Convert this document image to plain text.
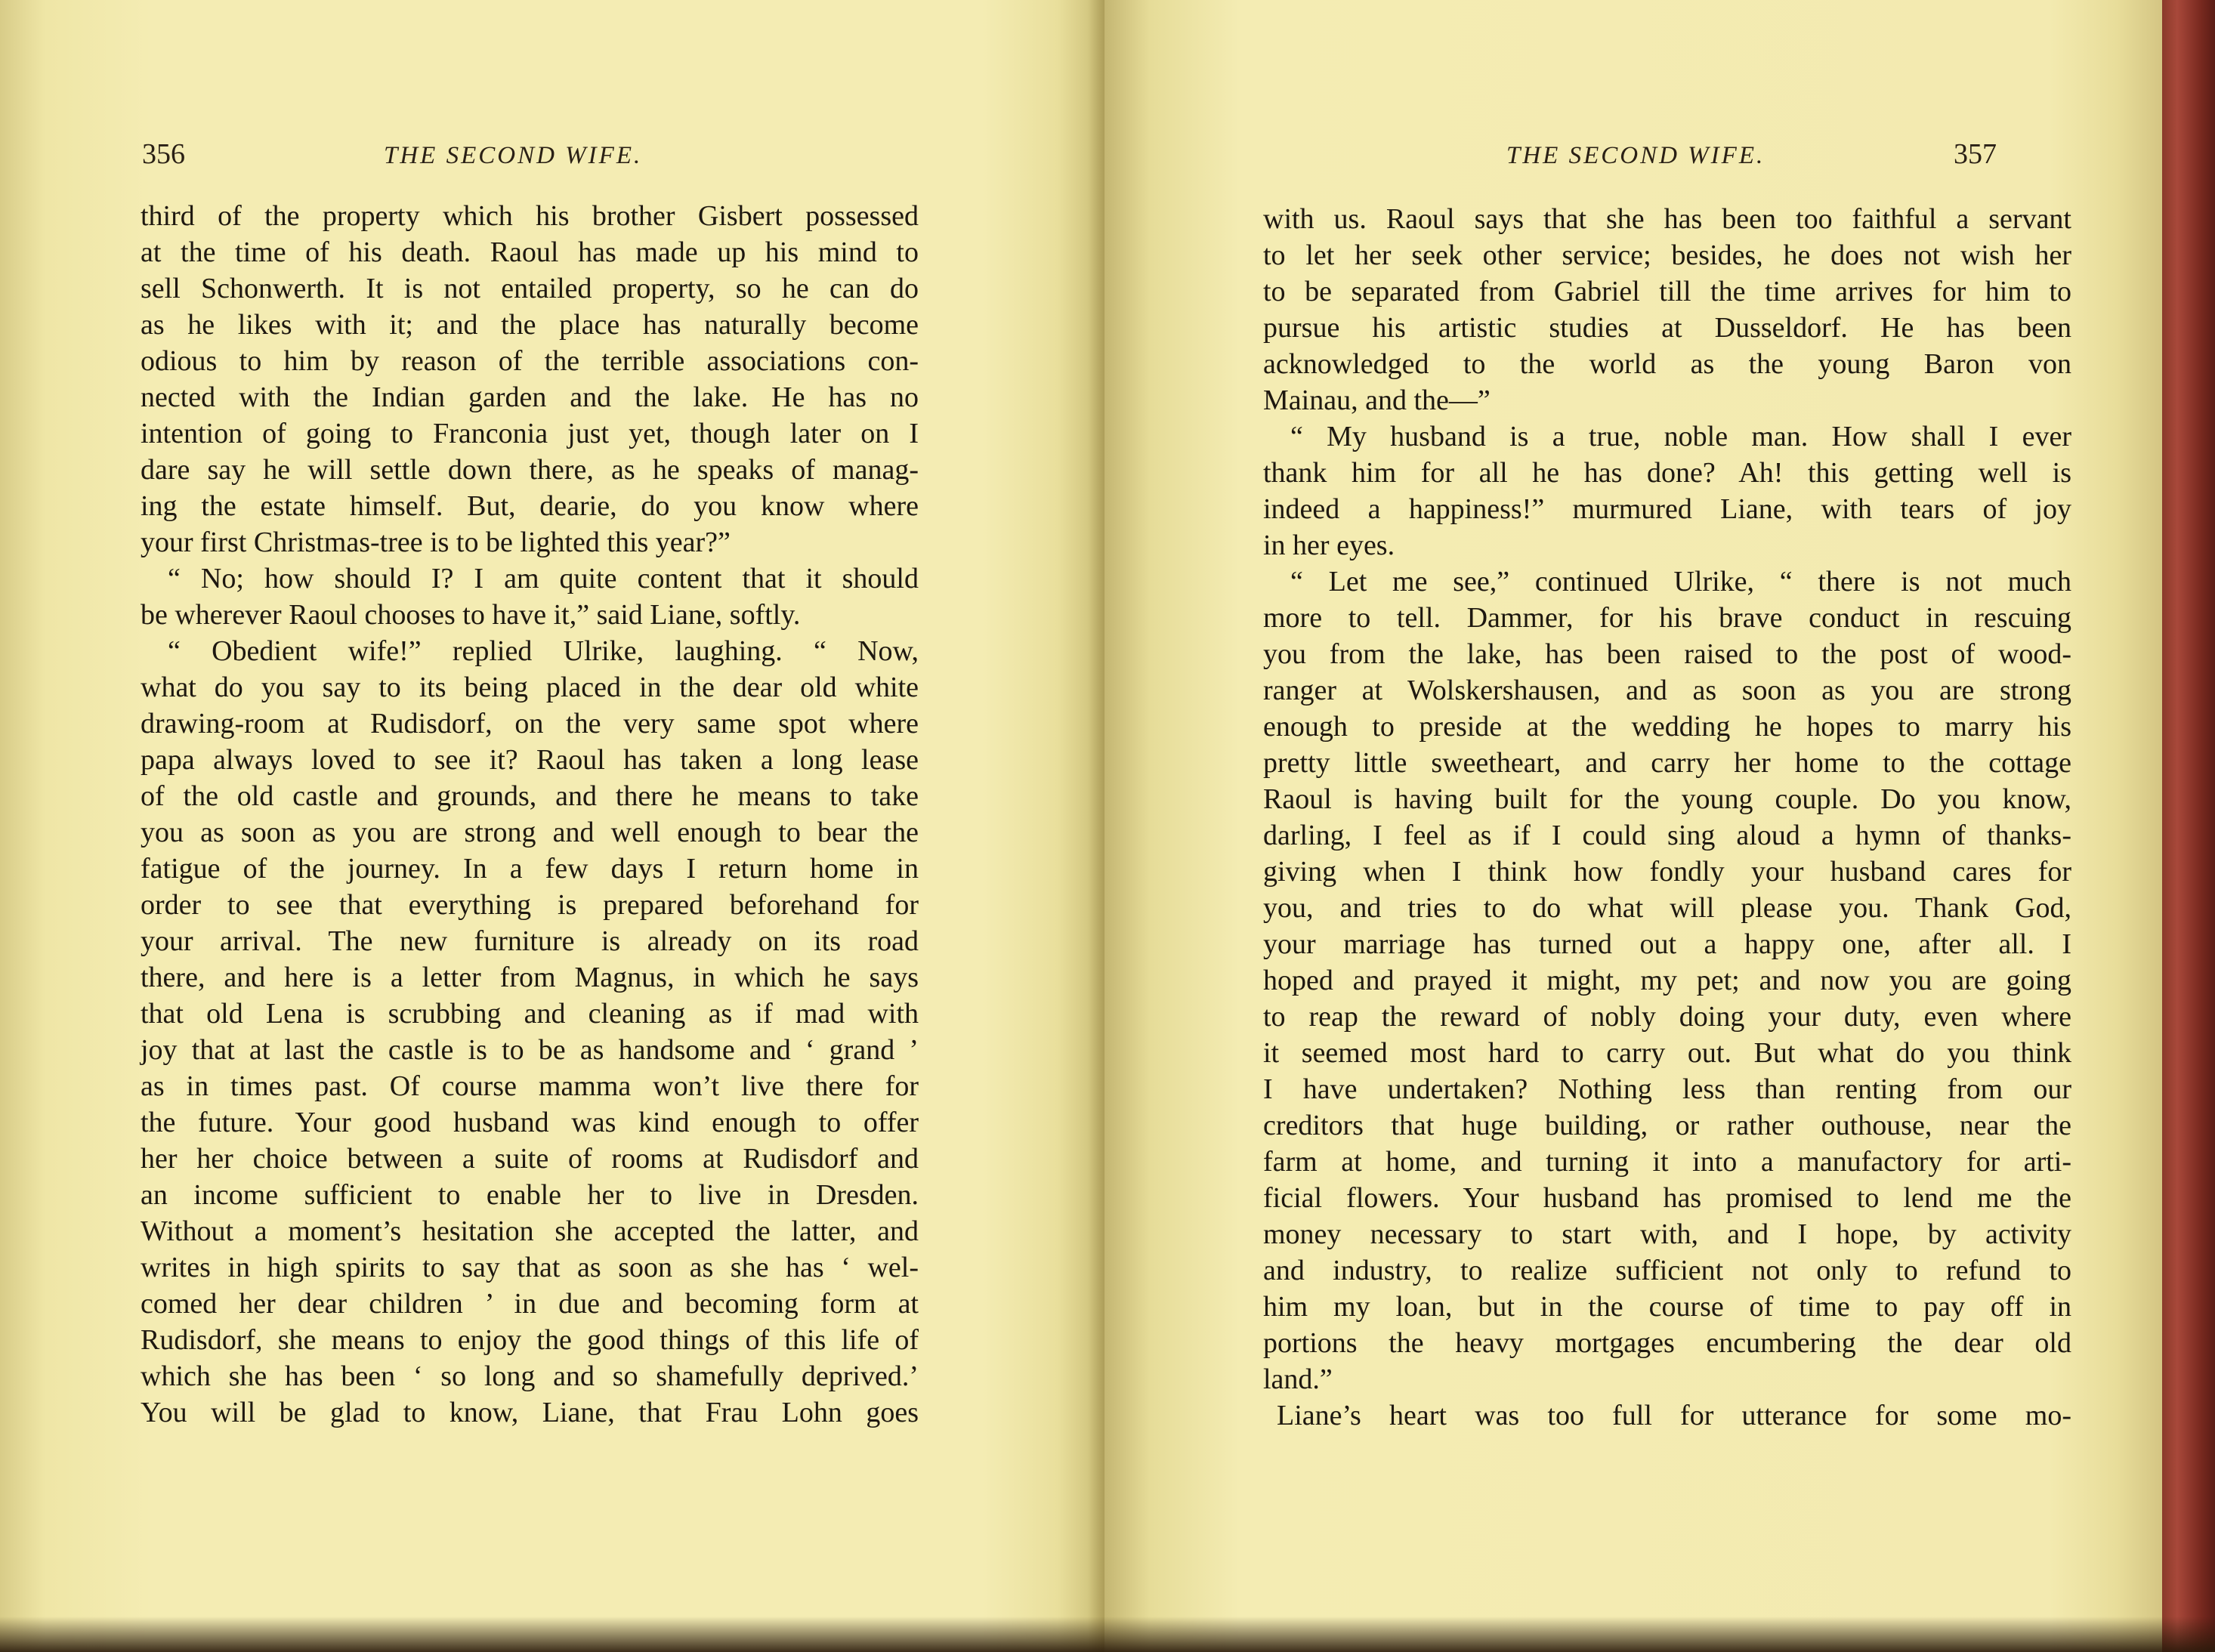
356	THE SECOND WIFE.
third of the property which his brother Gisbert possessed
at the time of his death. Raoul has made up his mind to
sell Schonwerth. It is not entailed property, so he can do
as he likes with it; and the place has naturally become
odious to him by reason of the terrible associations con-
nected with the Indian garden and the lake. He has no
intention of going to Franconia just yet, though later on I
dare say he will settle down there, as he speaks of manag-
ing the estate himself. But, dearie, do you know where
your first Christmas-tree is to be lighted this year?”
“ No; how should I? I am quite content that it should
be wherever Raoul chooses to have it,” said Liane, softly.
“ Obedient wife!” replied Ulrike, laughing. “ Now,
what do you say to its being placed in the dear old white
drawing-room at Rudisdorf, on the very same spot where
papa always loved to see it? Raoul has taken a long lease
of the old castle and grounds, and there he means to take
you as soon as you are strong and well enough to bear the
fatigue of the journey. In a few days I return home in
order to see that everything is prepared beforehand for
your arrival. The new furniture is already on its road
there, and here is a letter from Magnus, in which he says
that old Lena is scrubbing and cleaning as if mad with
joy that at last the castle is to be as handsome and ‘ grand ’
as in times past. Of course mamma won’t live there for
the future. Your good husband was kind enough to offer
her her choice between a suite of rooms at Rudisdorf and
an income sufficient to enable her to live in Dresden.
Without a moment’s hesitation she accepted the latter, and
writes in high spirits to say that as soon as she has ‘ wel-
comed her dear children ’ in due and becoming form at
Rudisdorf, she means to enjoy the good things of this life of
which she has been ‘ so long and so shamefully deprived.’
You will be glad to know, Liane, that Frau Lohn goes
THE SECOND WIFE.	357
with us. Raoul says that she has been too faithful a servant
to let her seek other service; besides, he does not wish her
to be separated from Gabriel till the time arrives for him to
pursue his artistic studies at Dusseldorf. He has been
acknowledged to the world as the young Baron von
Mainau, and the—”
“ My husband is a true, noble man. How shall I ever
thank him for all he has done? Ah! this getting well is
indeed a happiness!” murmured Liane, with tears of joy
in her eyes.
“ Let me see,” continued Ulrike, “ there is not much
more to tell. Dammer, for his brave conduct in rescuing
you from the lake, has been raised to the post of wood-
ranger at Wolskershausen, and as soon as you are strong
enough to preside at the wedding he hopes to marry his
pretty little sweetheart, and carry her home to the cottage
Raoul is having built for the young couple. Do you know,
darling, I feel as if I could sing aloud a hymn of thanks-
giving when I think how fondly your husband cares for
you, and tries to do what will please you. Thank God,
your marriage has turned out a happy one, after all. I
hoped and prayed it might, my pet; and now you are going
to reap the reward of nobly doing your duty, even where
it seemed most hard to carry out. But what do you think
I have undertaken? Nothing less than renting from our
creditors that huge building, or rather outhouse, near the
farm at home, and turning it into a manufactory for arti-
ficial flowers. Your husband has promised to lend me the
money necessary to start with, and I hope, by activity
and industry, to realize sufficient not only to refund to
him my loan, but in the course of time to pay off in
portions the heavy mortgages encumbering the dear old
land.”
Liane’s heart was too full for utterance for some mo-
